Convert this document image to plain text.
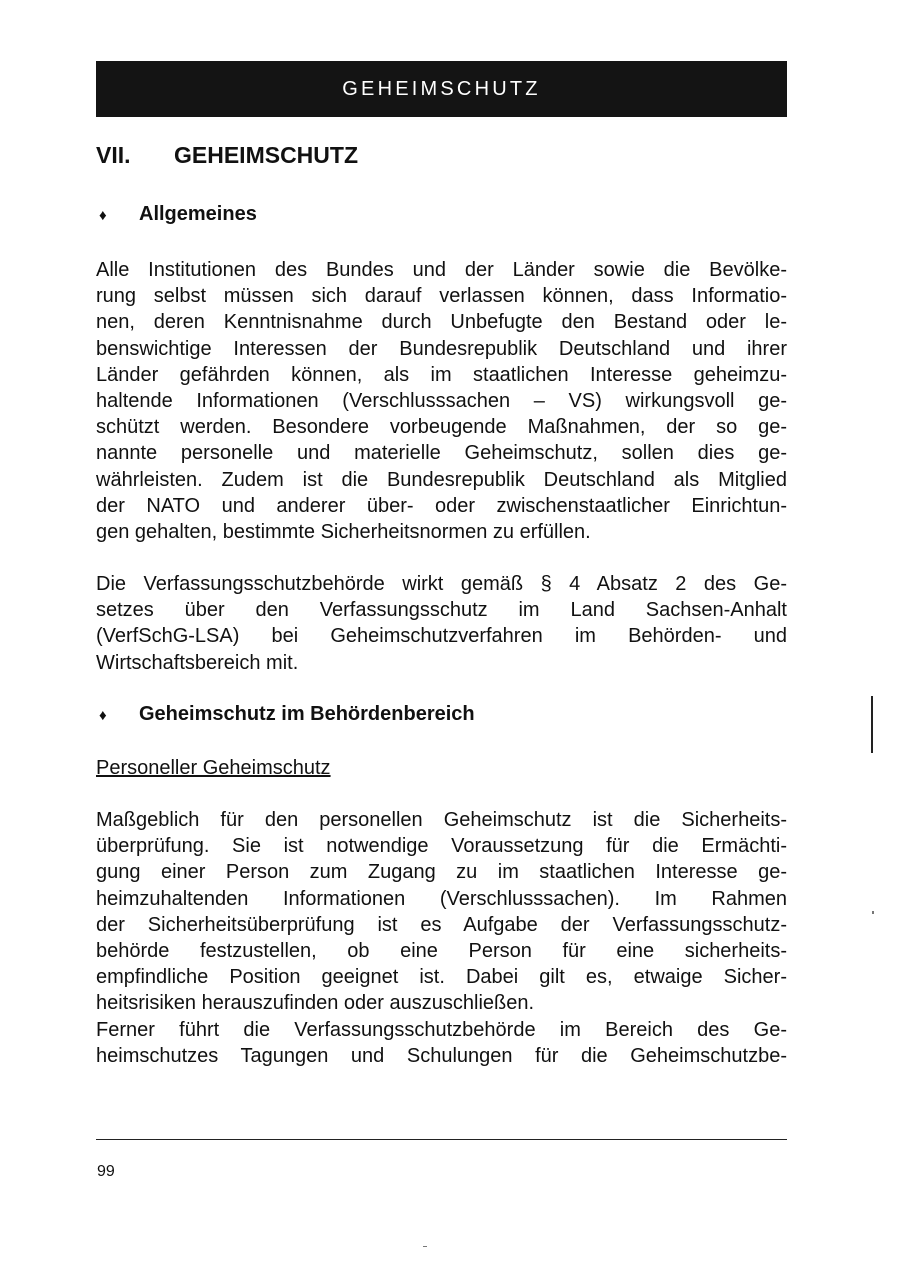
GEHEIMSCHUTZ
VII. GEHEIMSCHUTZ
♦ Allgemeines
Alle Institutionen des Bundes und der Länder sowie die Bevölke-
rung selbst müssen sich darauf verlassen können, dass Informatio-
nen, deren Kenntnisnahme durch Unbefugte den Bestand oder le-
benswichtige Interessen der Bundesrepublik Deutschland und ihrer
Länder gefährden können, als im staatlichen Interesse geheimzu-
haltende Informationen (Verschlusssachen – VS) wirkungsvoll ge-
schützt werden. Besondere vorbeugende Maßnahmen, der so ge-
nannte personelle und materielle Geheimschutz, sollen dies ge-
währleisten. Zudem ist die Bundesrepublik Deutschland als Mitglied
der NATO und anderer über- oder zwischenstaatlicher Einrichtun-
gen gehalten, bestimmte Sicherheitsnormen zu erfüllen.
Die Verfassungsschutzbehörde wirkt gemäß § 4 Absatz 2 des Ge-
setzes über den Verfassungsschutz im Land Sachsen-Anhalt
(VerfSchG-LSA) bei Geheimschutzverfahren im Behörden- und
Wirtschaftsbereich mit.
♦ Geheimschutz im Behördenbereich

Personeller Geheimschutz

Maßgeblich für den personellen Geheimschutz ist die Sicherheits-
überprüfung. Sie ist notwendige Voraussetzung für die Ermächti-
gung einer Person zum Zugang zu im staatlichen Interesse ge-
heimzuhaltenden Informationen (Verschlusssachen). Im Rahmen
der Sicherheitsüberprüfung ist es Aufgabe der Verfassungsschutz-
behörde festzustellen, ob eine Person für eine sicherheits-
empfindliche Position geeignet ist. Dabei gilt es, etwaige Sicher-
heitsrisiken herauszufinden oder auszuschließen.
Ferner führt die Verfassungsschutzbehörde im Bereich des Ge-
heimschutzes Tagungen und Schulungen für die Geheimschutzbe-
99
